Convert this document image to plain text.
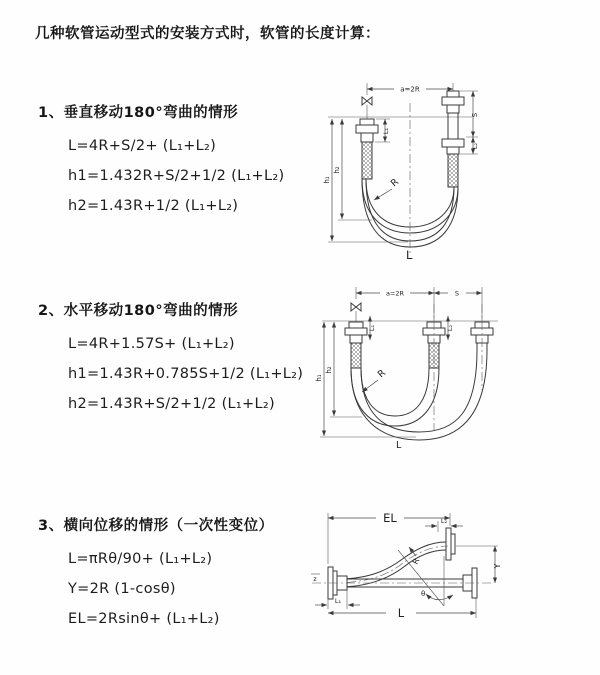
几种软管运动型式的安装方式时，软管的长度计算：
1、垂直移动180°弯曲的情形
L=4R+S/2+ (L₁+L₂)
h1=1.432R+S/2+1/2 (L₁+L₂)
h2=1.43R+1/2 (L₁+L₂)
2、水平移动180°弯曲的情形
L=4R+1.57S+ (L₁+L₂)
h1=1.43R+0.785S+1/2 (L₁+L₂)
h2=1.43R+S/2+1/2 (L₁+L₂)
3、横向位移的情形（一次性变位）
L=πRθ/90+ (L₁+L₂)
Y=2R (1-cosθ)
EL=2Rsinθ+ (L₁+L₂)
a=2R
h₁
h₂
L₁
S
L₂
R
L
a=2R	S
h₁
h₂
L₁	L₂
R
L
EL	L₂
z
Y
θ
R
L₁
L
